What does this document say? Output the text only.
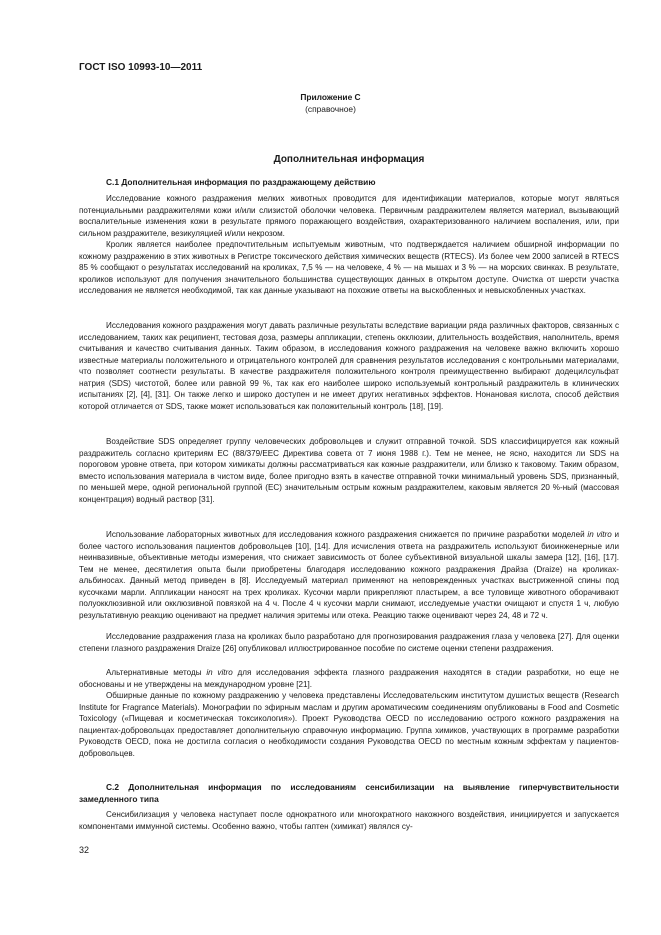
ГОСТ ISO 10993-10—2011
Приложение С
(справочное)
Дополнительная информация
С.1 Дополнительная информация по раздражающему действию

Исследование кожного раздражения мелких животных проводится для идентификации материалов, которые могут являться потенциальными раздражителями кожи и/или слизистой оболочки человека. Первичным раздражителем является материал, вызывающий воспалительные изменения кожи в результате прямого поражающего воздействия, охарактеризованного наличием воспаления, или, при сильном раздражителе, везикуляцией и/или некрозом.

Кролик является наиболее предпочтительным испытуемым животным, что подтверждается наличием обширной информации по кожному раздражению в этих животных в Регистре токсического действия химических веществ (RTECS). Из более чем 2000 записей в RTECS 85 % сообщают о результатах исследований на кроликах, 7,5 % — на человеке, 4 % — на мышах и 3 % — на морских свинках. В результате, кроликов используют для получения значительного большинства существующих данных в открытом доступе. Очистка от шерсти участка исследования не является необходимой, так как данные указывают на похожие ответы на выскобленных и невыскобленных участках.

Исследования кожного раздражения могут давать различные результаты вследствие вариации ряда различных факторов, связанных с исследованием, таких как реципиент, тестовая доза, размеры аппликации, степень окклюзии, длительность воздействия, наполнитель, время считывания и качество считывания данных. Таким образом, в исследования кожного раздражения на человеке важно включить хорошо известные материалы положительного и отрицательного контролей для сравнения результатов исследования с контрольными материалами, что позволяет соотнести результаты. В качестве раздражителя положительного контроля преимущественно выбирают додецилсульфат натрия (SDS) чистотой, более или равной 99 %, так как его наиболее широко используемый контрольный раздражитель в клинических испытаниях [2], [4], [31]. Он также легко и широко доступен и не имеет других негативных эффектов. Нонановая кислота, способ действия которой отличается от SDS, также может использоваться как положительный контроль [18], [19].

Воздействие SDS определяет группу человеческих добровольцев и служит отправной точкой. SDS классифицируется как кожный раздражитель согласно критериям ЕС (88/379/ЕЕС Директива совета от 7 июня 1988 г.). Тем не менее, не ясно, находится ли SDS на пороговом уровне ответа, при котором химикаты должны рассматриваться как кожные раздражители, или близко к таковому. Таким образом, вместо использования материала в чистом виде, более пригодно взять в качестве отправной точки минимальный уровень SDS, признанный, по меньшей мере, одной региональной группой (ЕС) значительным острым кожным раздражителем, каковым является 20 %-ный (массовая концентрация) водный раствор [31].

Использование лабораторных животных для исследования кожного раздражения снижается по причине разработки моделей in vitro и более частого использования пациентов добровольцев [10], [14]. Для исчисления ответа на раздражитель используют биоинженерные или неинвазивные, объективные методы измерения, что снижает зависимость от более субъективной визуальной шкалы замера [12], [16], [17]. Тем не менее, десятилетия опыта были приобретены благодаря исследованию кожного раздражения Драйза (Draize) на кроликах-альбиносах. Данный метод приведен в [8]. Исследуемый материал применяют на неповрежденных участках выстриженной спины под кусочками марли. Аппликации наносят на трех кроликах. Кусочки марли прикрепляют пластырем, а все туловище животного оборачивают полуокклюзивной или окклюзивной повязкой на 4 ч. После 4 ч кусочки марли снимают, исследуемые участки очищают и спустя 1 ч, любую результативную реакцию оценивают на предмет наличия эритемы или отека. Реакцию также оценивают через 24, 48 и 72 ч.

Исследование раздражения глаза на кроликах было разработано для прогнозирования раздражения глаза у человека [27]. Для оценки степени глазного раздражения Draize [26] опубликовал иллюстрированное пособие по системе оценки степени раздражения.

Альтернативные методы in vitro для исследования эффекта глазного раздражения находятся в стадии разработки, но еще не обоснованы и не утверждены на международном уровне [21].

Обширные данные по кожному раздражению у человека представлены Исследовательским институтом душистых веществ (Research Institute for Fragrance Materials). Монографии по эфирным маслам и другим ароматическим соединениям опубликованы в Food and Cosmetic Toxicology («Пищевая и косметическая токсикология»). Проект Руководства OECD по исследованию острого кожного раздражения на пациентах-добровольцах предоставляет дополнительную справочную информацию. Группа химиков, участвующих в программе разработки Руководств OECD, пока не достигла согласия о необходимости создания Руководства OECD по местным кожным эффектам у пациентов-добровольцев.

С.2 Дополнительная информация по исследованиям сенсибилизации на выявление гиперчувствительности замедленного типа

Сенсибилизация у человека наступает после однократного или многократного накожного воздействия, инициируется и запускается компонентами иммунной системы. Особенно важно, чтобы гаптен (химикат) являлся су-

32
